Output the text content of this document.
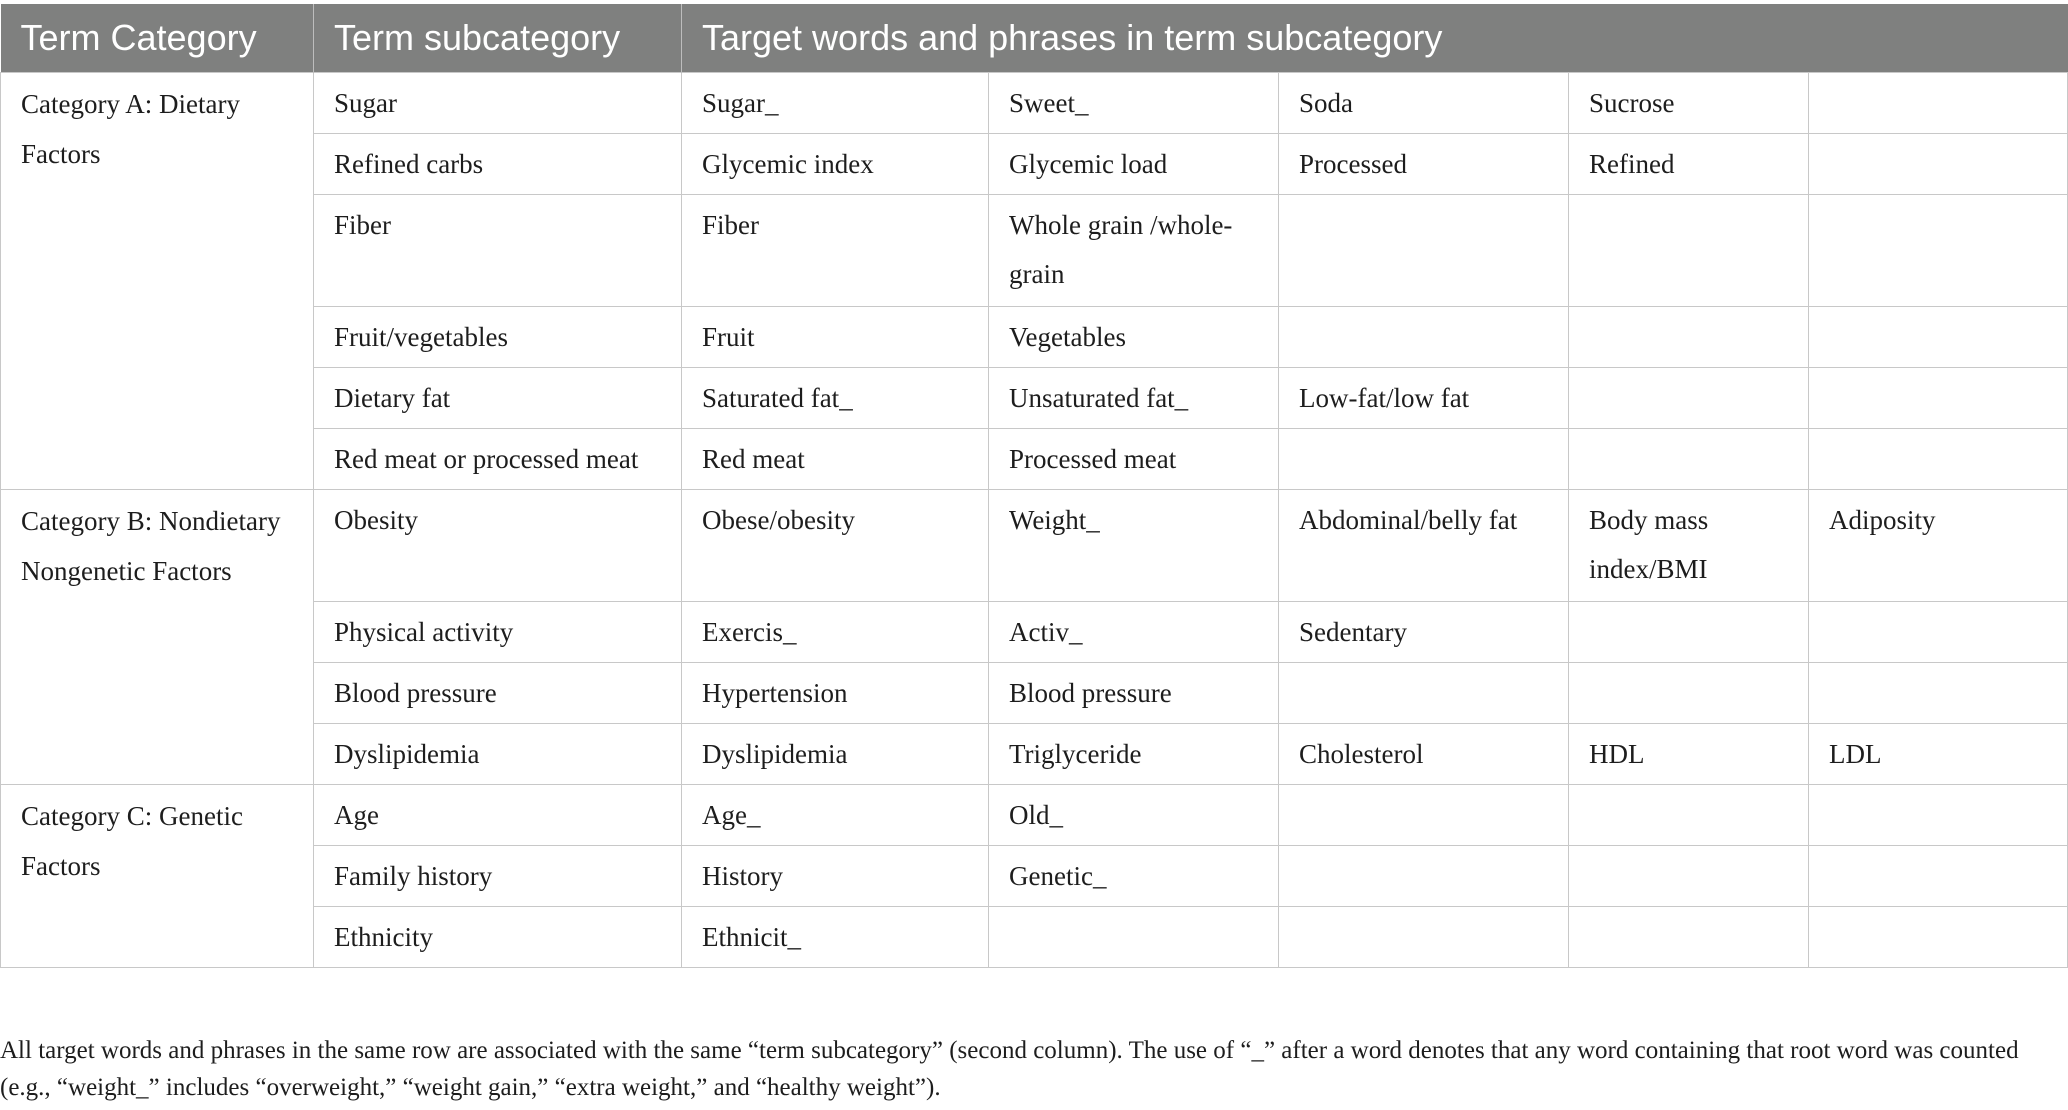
Term Category	Term subcategory	Target words and phrases in term subcategory				
Category A: Dietary Factors	Sugar	Sugar_	Sweet_	Soda	Sucrose	
	Refined carbs	Glycemic index	Glycemic load	Processed	Refined	
	Fiber	Fiber	Whole grain /whole-grain			
	Fruit/vegetables	Fruit	Vegetables			
	Dietary fat	Saturated fat_	Unsaturated fat_	Low-fat/low fat		
	Red meat or processed meat	Red meat	Processed meat			
Category B: Nondietary Nongenetic Factors	Obesity	Obese/obesity	Weight_	Abdominal/belly fat	Body mass index/BMI	Adiposity
	Physical activity	Exercis_	Activ_	Sedentary		
	Blood pressure	Hypertension	Blood pressure			
	Dyslipidemia	Dyslipidemia	Triglyceride	Cholesterol	HDL	LDL
Category C: Genetic Factors	Age	Age_	Old_			
	Family history	History	Genetic_			
	Ethnicity	Ethnicit_				

All target words and phrases in the same row are associated with the same “term subcategory” (second column). The use of “_” after a word denotes that any word containing that root word was counted (e.g., “weight_” includes “overweight,” “weight gain,” “extra weight,” and “healthy weight”).
